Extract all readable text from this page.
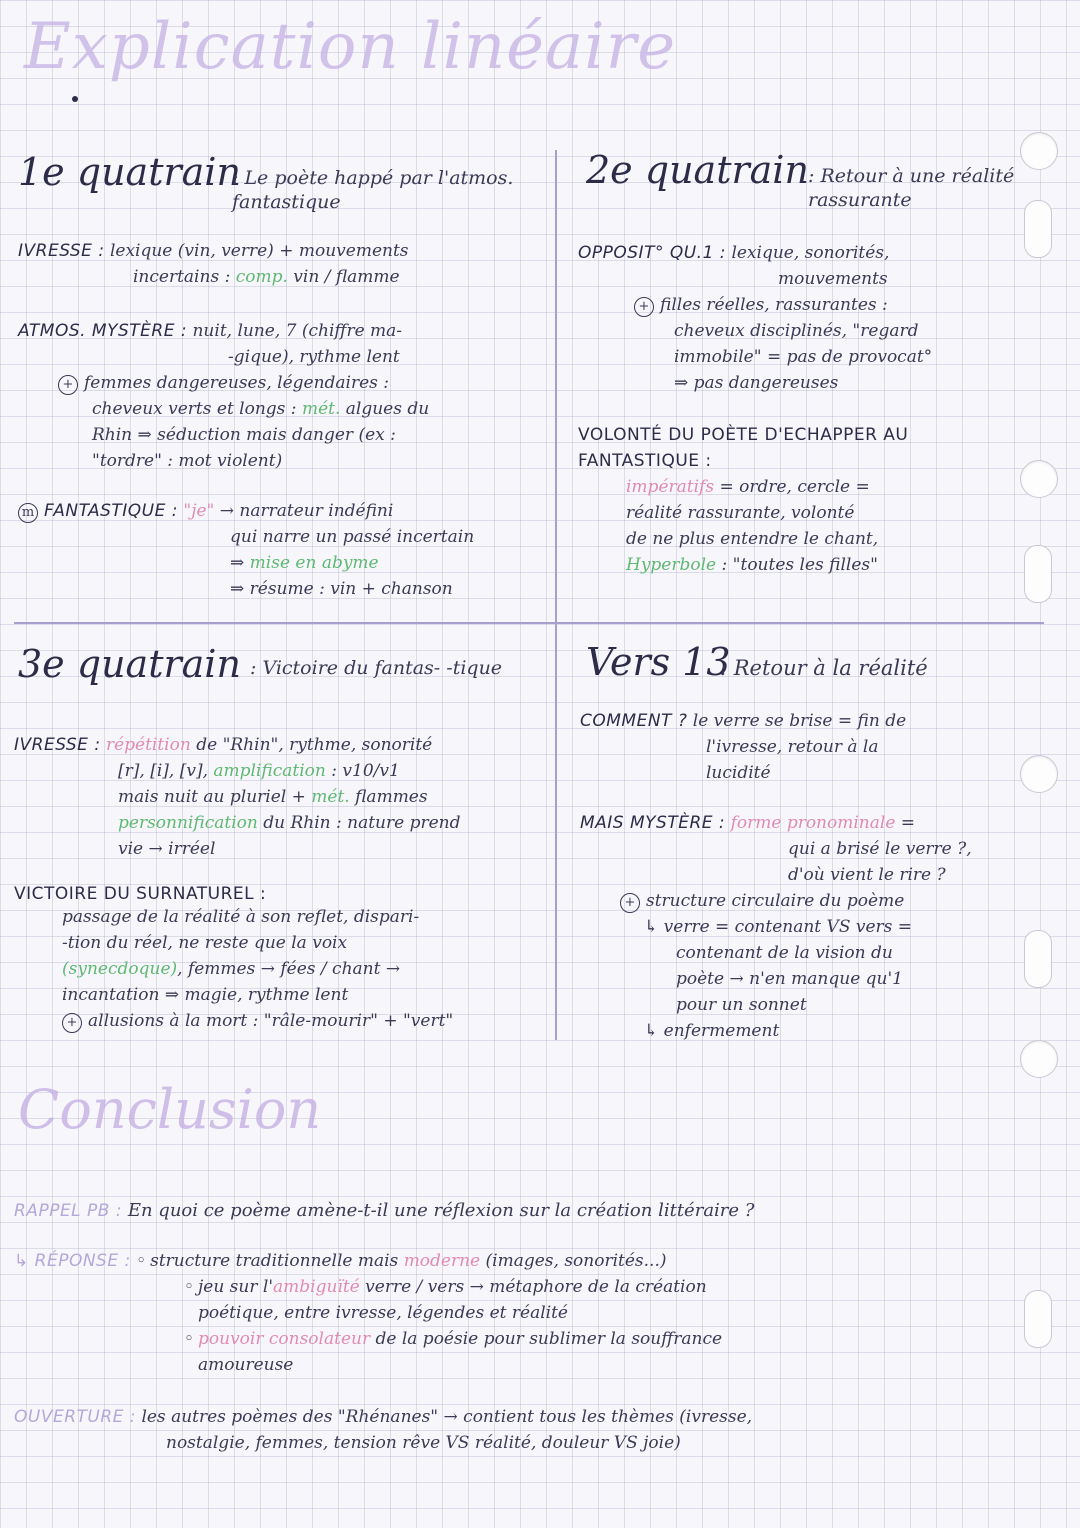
Explication linéaire
1e quatrain
: Le poète happé par l'atmos. fantastique
IVRESSE : lexique (vin, verre) + mouvements
incertains : comp. vin / flamme
ATMOS. MYSTÈRE : nuit, lune, 7 (chiffre ma-
-gique), rythme lent
+ femmes dangereuses, légendaires :
cheveux verts et longs : mét. algues du
Rhin ⇒ séduction mais danger (ex :
"tordre" : mot violent)
m FANTASTIQUE : "je" → narrateur indéfini
qui narre un passé incertain
⇒ mise en abyme
⇒ résume : vin + chanson
2e quatrain : Retour à une réalité rassurante
OPPOSIT° QU.1 : lexique, sonorités,
mouvements
+ filles réelles, rassurantes :
cheveux disciplinés, "regard
immobile" = pas de provocat°
⇒ pas dangereuses
VOLONTÉ DU POÈTE D'ECHAPPER AU FANTASTIQUE :
impératifs = ordre, cercle =
réalité rassurante, volonté
de ne plus entendre le chant,
Hyperbole : "toutes les filles"
3e quatrain : Victoire du fantas- -tique
IVRESSE : répétition de "Rhin", rythme, sonorité
[r], [i], [v], amplification : v10/v1
mais nuit au pluriel + mét. flammes
personnification du Rhin : nature prend
vie → irréel
VICTOIRE DU SURNATUREL :
passage de la réalité à son reflet, dispari-
-tion du réel, ne reste que la voix
(synecdoque), femmes → fées / chant →
incantation ⇒ magie, rythme lent
+ allusions à la mort : "râle-mourir" + "vert"
Vers 13
: Retour à la réalité
COMMENT ? le verre se brise = fin de
l'ivresse, retour à la
lucidité
MAIS MYSTÈRE : forme pronominale =
qui a brisé le verre ?,
d'où vient le rire ?
+ structure circulaire du poème
↳ verre = contenant VS vers =
contenant de la vision du
poète → n'en manque qu'1
pour un sonnet
↳ enfermement
Conclusion
RAPPEL PB : En quoi ce poème amène-t-il une réflexion sur la création littéraire ?
↳ RÉPONSE : ◦ structure traditionnelle mais moderne (images, sonorités...)
◦ jeu sur l'ambiguïté verre / vers → métaphore de la création
poétique, entre ivresse, légendes et réalité
◦ pouvoir consolateur de la poésie pour sublimer la souffrance
amoureuse
OUVERTURE : les autres poèmes des "Rhénanes" → contient tous les thèmes (ivresse,
nostalgie, femmes, tension rêve VS réalité, douleur VS joie)
